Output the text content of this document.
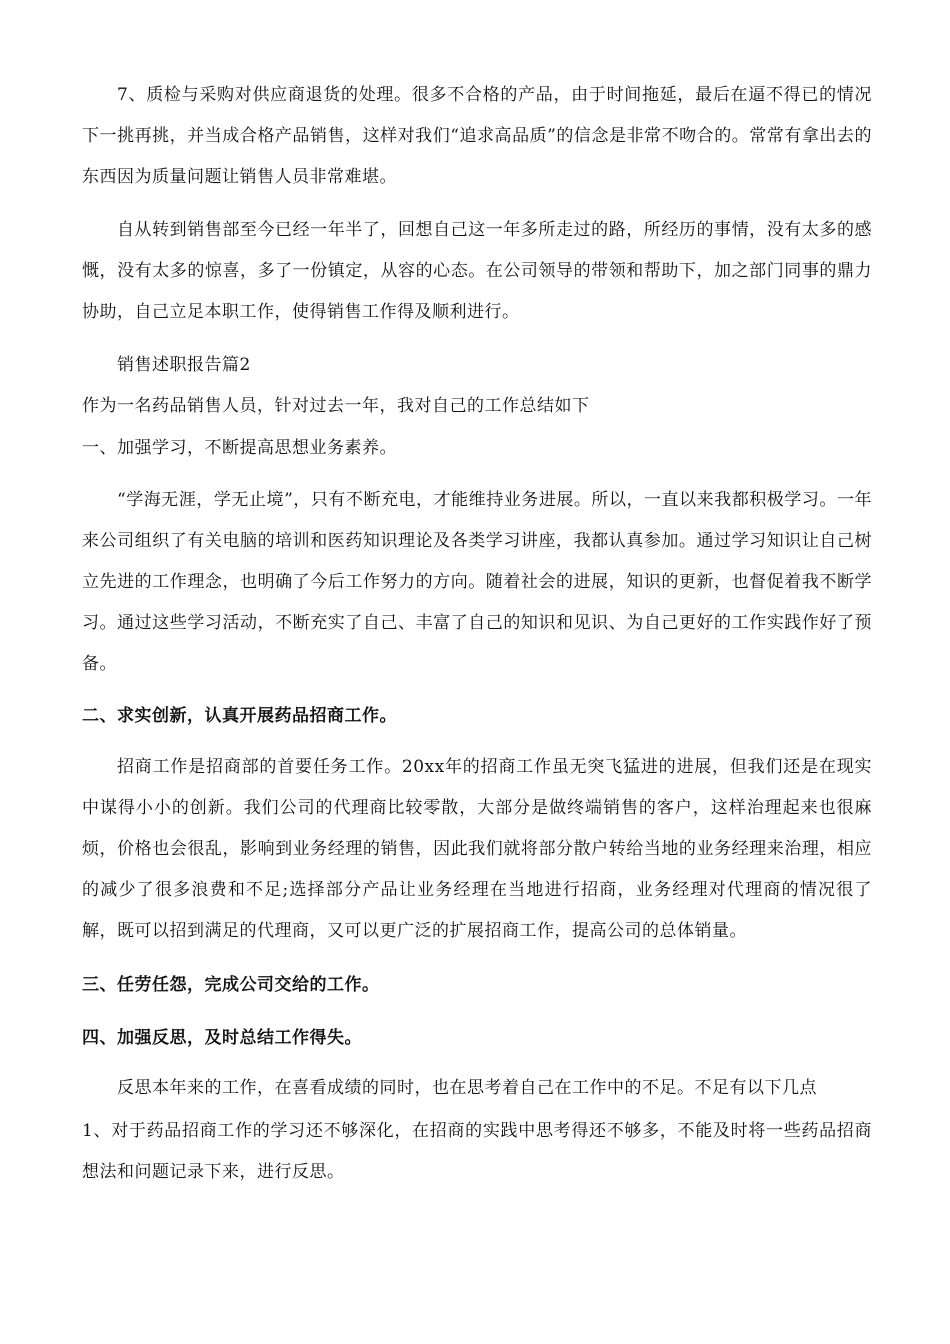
7、质检与采购对供应商退货的处理。很多不合格的产品，由于时间拖延，最后在逼不得已的情况下一挑再挑，并当成合格产品销售，这样对我们“追求高品质”的信念是非常不吻合的。常常有拿出去的东西因为质量问题让销售人员非常难堪。

自从转到销售部至今已经一年半了，回想自己这一年多所走过的路，所经历的事情，没有太多的感慨，没有太多的惊喜，多了一份镇定，从容的心态。在公司领导的带领和帮助下，加之部门同事的鼎力协助，自己立足本职工作，使得销售工作得及顺利进行。

销售述职报告篇2

作为一名药品销售人员，针对过去一年，我对自己的工作总结如下

一、加强学习，不断提高思想业务素养。

“学海无涯，学无止境”，只有不断充电，才能维持业务进展。所以，一直以来我都积极学习。一年来公司组织了有关电脑的培训和医药知识理论及各类学习讲座，我都认真参加。通过学习知识让自己树立先进的工作理念，也明确了今后工作努力的方向。随着社会的进展，知识的更新，也督促着我不断学习。通过这些学习活动，不断充实了自己、丰富了自己的知识和见识、为自己更好的工作实践作好了预备。

二、求实创新，认真开展药品招商工作。

招商工作是招商部的首要任务工作。20xx年的招商工作虽无突飞猛进的进展，但我们还是在现实中谋得小小的创新。我们公司的代理商比较零散，大部分是做终端销售的客户，这样治理起来也很麻烦，价格也会很乱，影响到业务经理的销售，因此我们就将部分散户转给当地的业务经理来治理，相应的减少了很多浪费和不足;选择部分产品让业务经理在当地进行招商，业务经理对代理商的情况很了解，既可以招到满足的代理商，又可以更广泛的扩展招商工作，提高公司的总体销量。

三、任劳任怨，完成公司交给的工作。

四、加强反思，及时总结工作得失。

反思本年来的工作，在喜看成绩的同时，也在思考着自己在工作中的不足。不足有以下几点

1、对于药品招商工作的学习还不够深化，在招商的实践中思考得还不够多，不能及时将一些药品招商想法和问题记录下来，进行反思。
